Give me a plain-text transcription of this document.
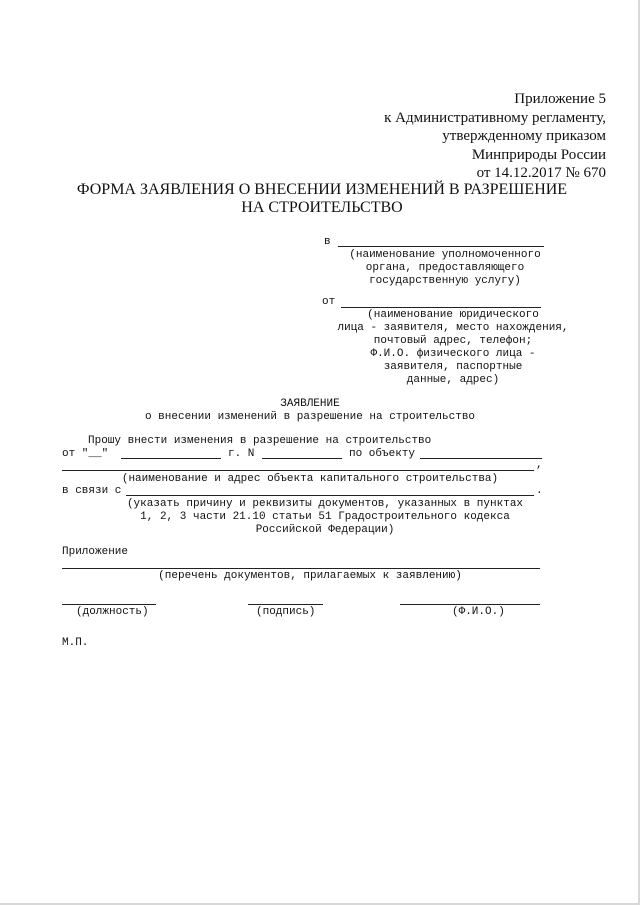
Приложение 5
к Административному регламенту,
утвержденному приказом
Минприроды России
от 14.12.2017 № 670
ФОРМА ЗАЯВЛЕНИЯ О ВНЕСЕНИИ ИЗМЕНЕНИЙ В РАЗРЕШЕНИЕ
НА СТРОИТЕЛЬСТВО
в
(наименование уполномоченного
органа, предоставляющего
государственную услугу)
от
(наименование юридического
лица - заявителя, место нахождения,
почтовый адрес, телефон;
Ф.И.О. физического лица -
заявителя, паспортные
данные, адрес)
ЗАЯВЛЕНИЕ
о внесении изменений в разрешение на строительство
Прошу внести изменения в разрешение на строительство
от "__"	г. N	по объекту
,
(наименование и адрес объекта капитального строительства)
в связи с	.
(указать причину и реквизиты документов, указанных в пунктах
1, 2, 3 части 21.10 статьи 51 Градостроительного кодекса
Российской Федерации)
Приложение
(перечень документов, прилагаемых к заявлению)
(должность)	(подпись)	(Ф.И.О.)
М.П.
